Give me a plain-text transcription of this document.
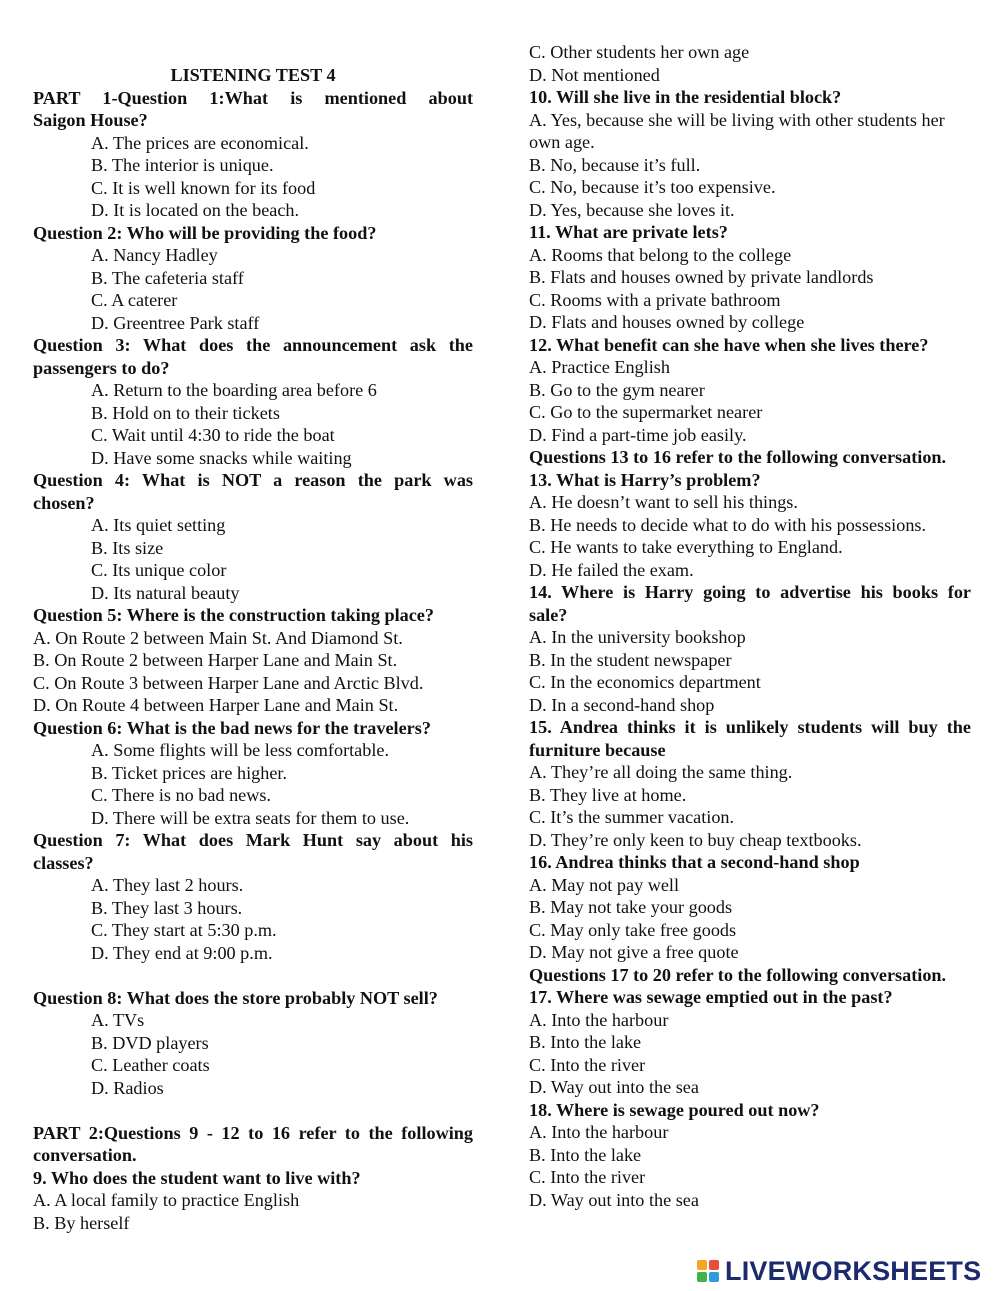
LISTENING TEST 4
PART 1-Question 1:What is mentioned about
Saigon House?
A. The prices are economical.
B. The interior is unique.
C. It is well known for its food
D. It is located on the beach.
Question 2: Who will be providing the food?
A. Nancy Hadley
B. The cafeteria staff
C. A caterer
D. Greentree Park staff
Question 3: What does the announcement ask the
passengers to do?
A. Return to the boarding area before 6
B. Hold on to their tickets
C. Wait until 4:30 to ride the boat
D. Have some snacks while waiting
Question 4: What is NOT a reason the park was
chosen?
A. Its quiet setting
B. Its size
C. Its unique color
D. Its natural beauty
Question 5: Where is the construction taking place?
A. On Route 2 between Main St. And Diamond St.
B. On Route 2 between Harper Lane and Main St.
C. On Route 3 between Harper Lane and Arctic Blvd.
D. On Route 4 between Harper Lane and Main St.
Question 6: What is the bad news for the travelers?
A. Some flights will be less comfortable.
B. Ticket prices are higher.
C. There is no bad news.
D. There will be extra seats for them to use.
Question 7: What does Mark Hunt say about his
classes?
A. They last 2 hours.
B. They last 3 hours.
C. They start at 5:30 p.m.
D. They end at 9:00 p.m.
Question 8: What does the store probably NOT sell?
A. TVs
B. DVD players
C. Leather coats
D. Radios
PART 2:Questions 9 - 12 to 16 refer to the following
conversation.
9. Who does the student want to live with?
A. A local family to practice English
B. By herself
C. Other students her own age
D. Not mentioned
10. Will she live in the residential block?
A. Yes, because she will be living with other students her own age.
B. No, because it’s full.
C. No, because it’s too expensive.
D. Yes, because she loves it.
11. What are private lets?
A. Rooms that belong to the college
B. Flats and houses owned by private landlords
C. Rooms with a private bathroom
D. Flats and houses owned by college
12. What benefit can she have when she lives there?
A. Practice English
B. Go to the gym nearer
C. Go to the supermarket nearer
D. Find a part-time job easily.
Questions 13 to 16 refer to the following conversation.
13. What is Harry’s problem?
A. He doesn’t want to sell his things.
B. He needs to decide what to do with his possessions.
C. He wants to take everything to England.
D. He failed the exam.
14. Where is Harry going to advertise his books for
sale?
A. In the university bookshop
B. In the student newspaper
C. In the economics department
D. In a second-hand shop
15. Andrea thinks it is unlikely students will buy the
furniture because
A. They’re all doing the same thing.
B. They live at home.
C. It’s the summer vacation.
D. They’re only keen to buy cheap textbooks.
16. Andrea thinks that a second-hand shop
A. May not pay well
B. May not take your goods
C. May only take free goods
D. May not give a free quote
Questions 17 to 20 refer to the following conversation.
17. Where was sewage emptied out in the past?
A. Into the harbour
B. Into the lake
C. Into the river
D. Way out into the sea
18. Where is sewage poured out now?
A. Into the harbour
B. Into the lake
C. Into the river
D. Way out into the sea
LIVEWORKSHEETS
